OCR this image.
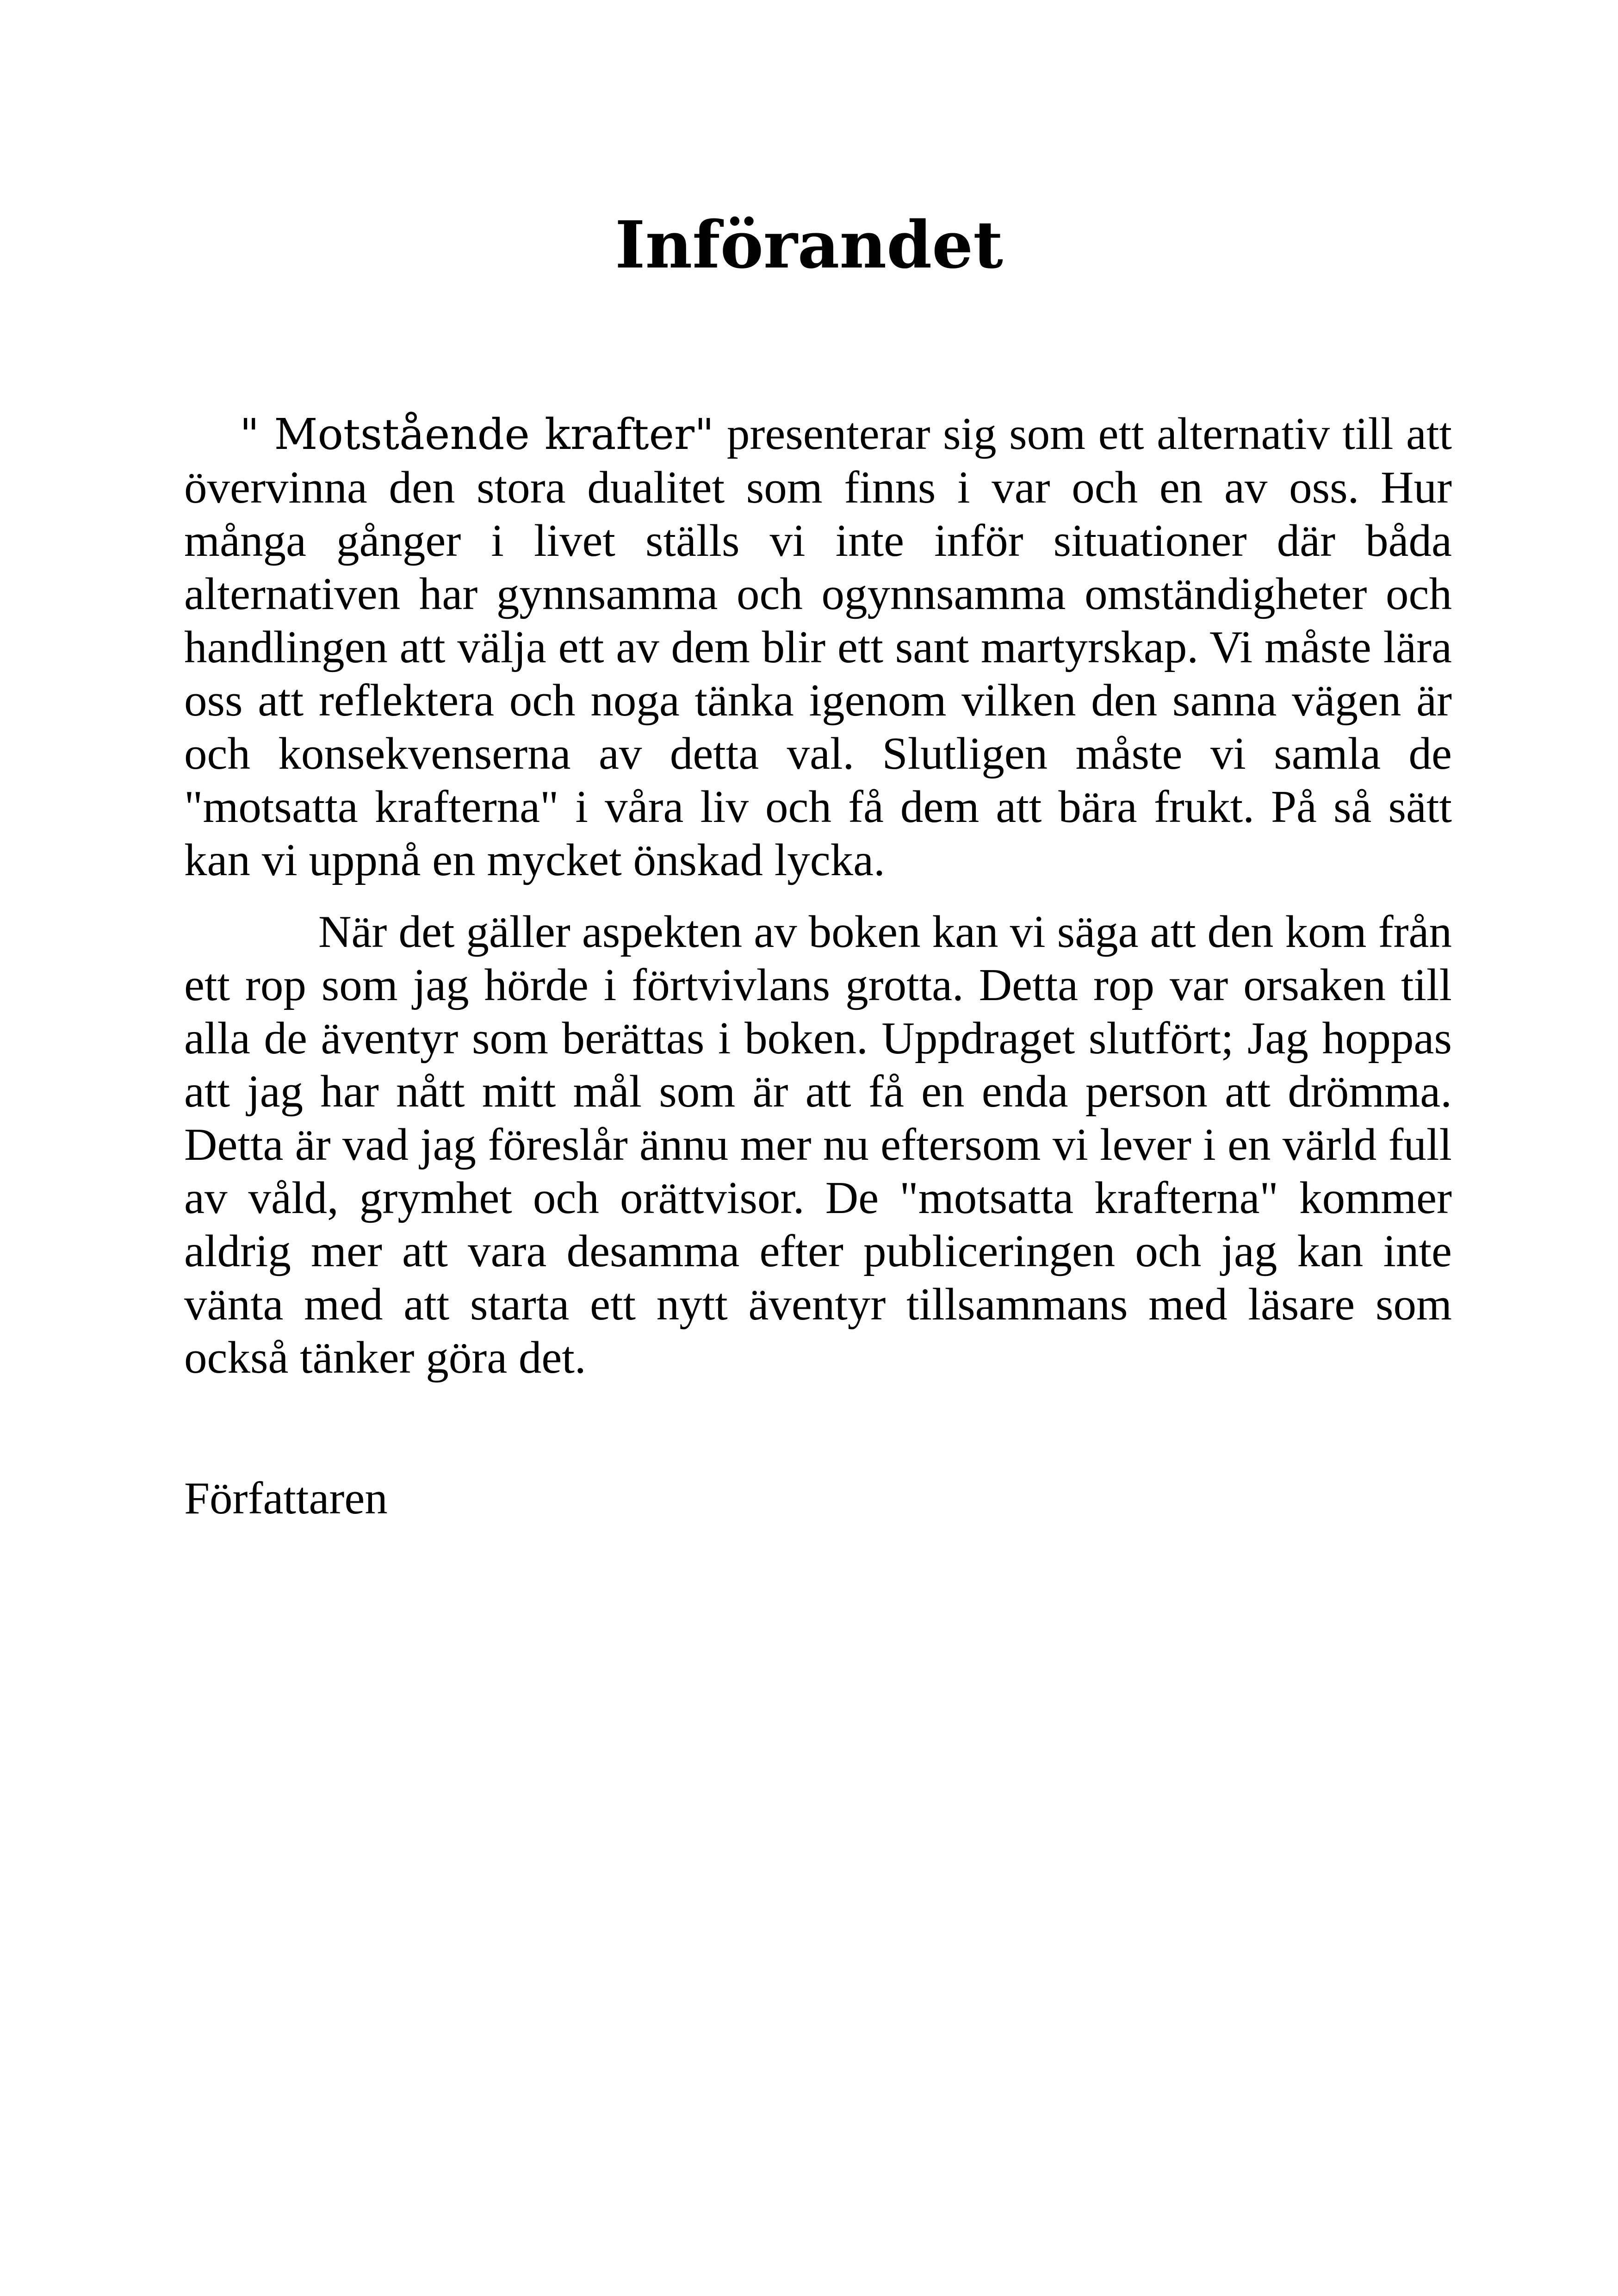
Införandet

" Motstående krafter" presenterar sig som ett alternativ till att övervinna den stora dualitet som finns i var och en av oss. Hur många gånger i livet ställs vi inte inför situationer där båda alternativen har gynnsamma och ogynnsamma omständigheter och handlingen att välja ett av dem blir ett sant martyrskap. Vi måste lära oss att reflektera och noga tänka igenom vilken den sanna vägen är och konsekvenserna av detta val. Slutligen måste vi samla de "motsatta krafterna" i våra liv och få dem att bära frukt. På så sätt kan vi uppnå en mycket önskad lycka.

När det gäller aspekten av boken kan vi säga att den kom från ett rop som jag hörde i förtvivlans grotta. Detta rop var orsaken till alla de äventyr som berättas i boken. Uppdraget slutfört; Jag hoppas att jag har nått mitt mål som är att få en enda person att drömma. Detta är vad jag föreslår ännu mer nu eftersom vi lever i en värld full av våld, grymhet och orättvisor. De "motsatta krafterna" kommer aldrig mer att vara desamma efter publiceringen och jag kan inte vänta med att starta ett nytt äventyr tillsammans med läsare som också tänker göra det.

Författaren
